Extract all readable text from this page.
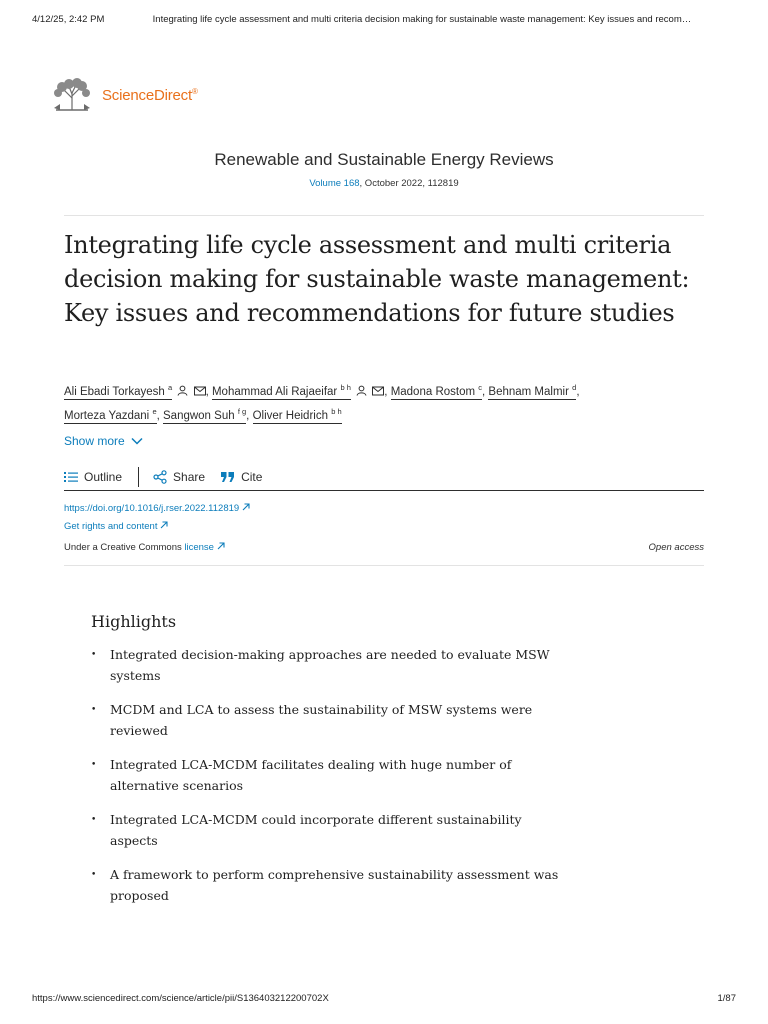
4/12/25, 2:42 PM	Integrating life cycle assessment and multi criteria decision making for sustainable waste management: Key issues and recom…
ScienceDirect®
Renewable and Sustainable Energy Reviews
Volume 168, October 2022, 112819
Integrating life cycle assessment and multi criteria decision making for sustainable waste management: Key issues and recommendations for future studies
Ali Ebadi Torkayesh $^a$	, Mohammad Ali Rajaeifar $^{b h}$	, Madona Rostom $^c$, Behnam Malmir $^d$,
Morteza Yazdani $^e$, Sangwon Suh $^{f g}$, Oliver Heidrich $^{b h}$
Show more
Outline	Share	Cite
https://doi.org/10.1016/j.rser.2022.112819
Get rights and content
Under a Creative Commons license	Open access
Highlights
• Integrated decision-making approaches are needed to evaluate MSW systems
• MCDM and LCA to assess the sustainability of MSW systems were reviewed
• Integrated LCA-MCDM facilitates dealing with huge number of alternative scenarios
• Integrated LCA-MCDM could incorporate different sustainability aspects
• A framework to perform comprehensive sustainability assessment was proposed
https://www.sciencedirect.com/science/article/pii/S136403212200702X	1/87
